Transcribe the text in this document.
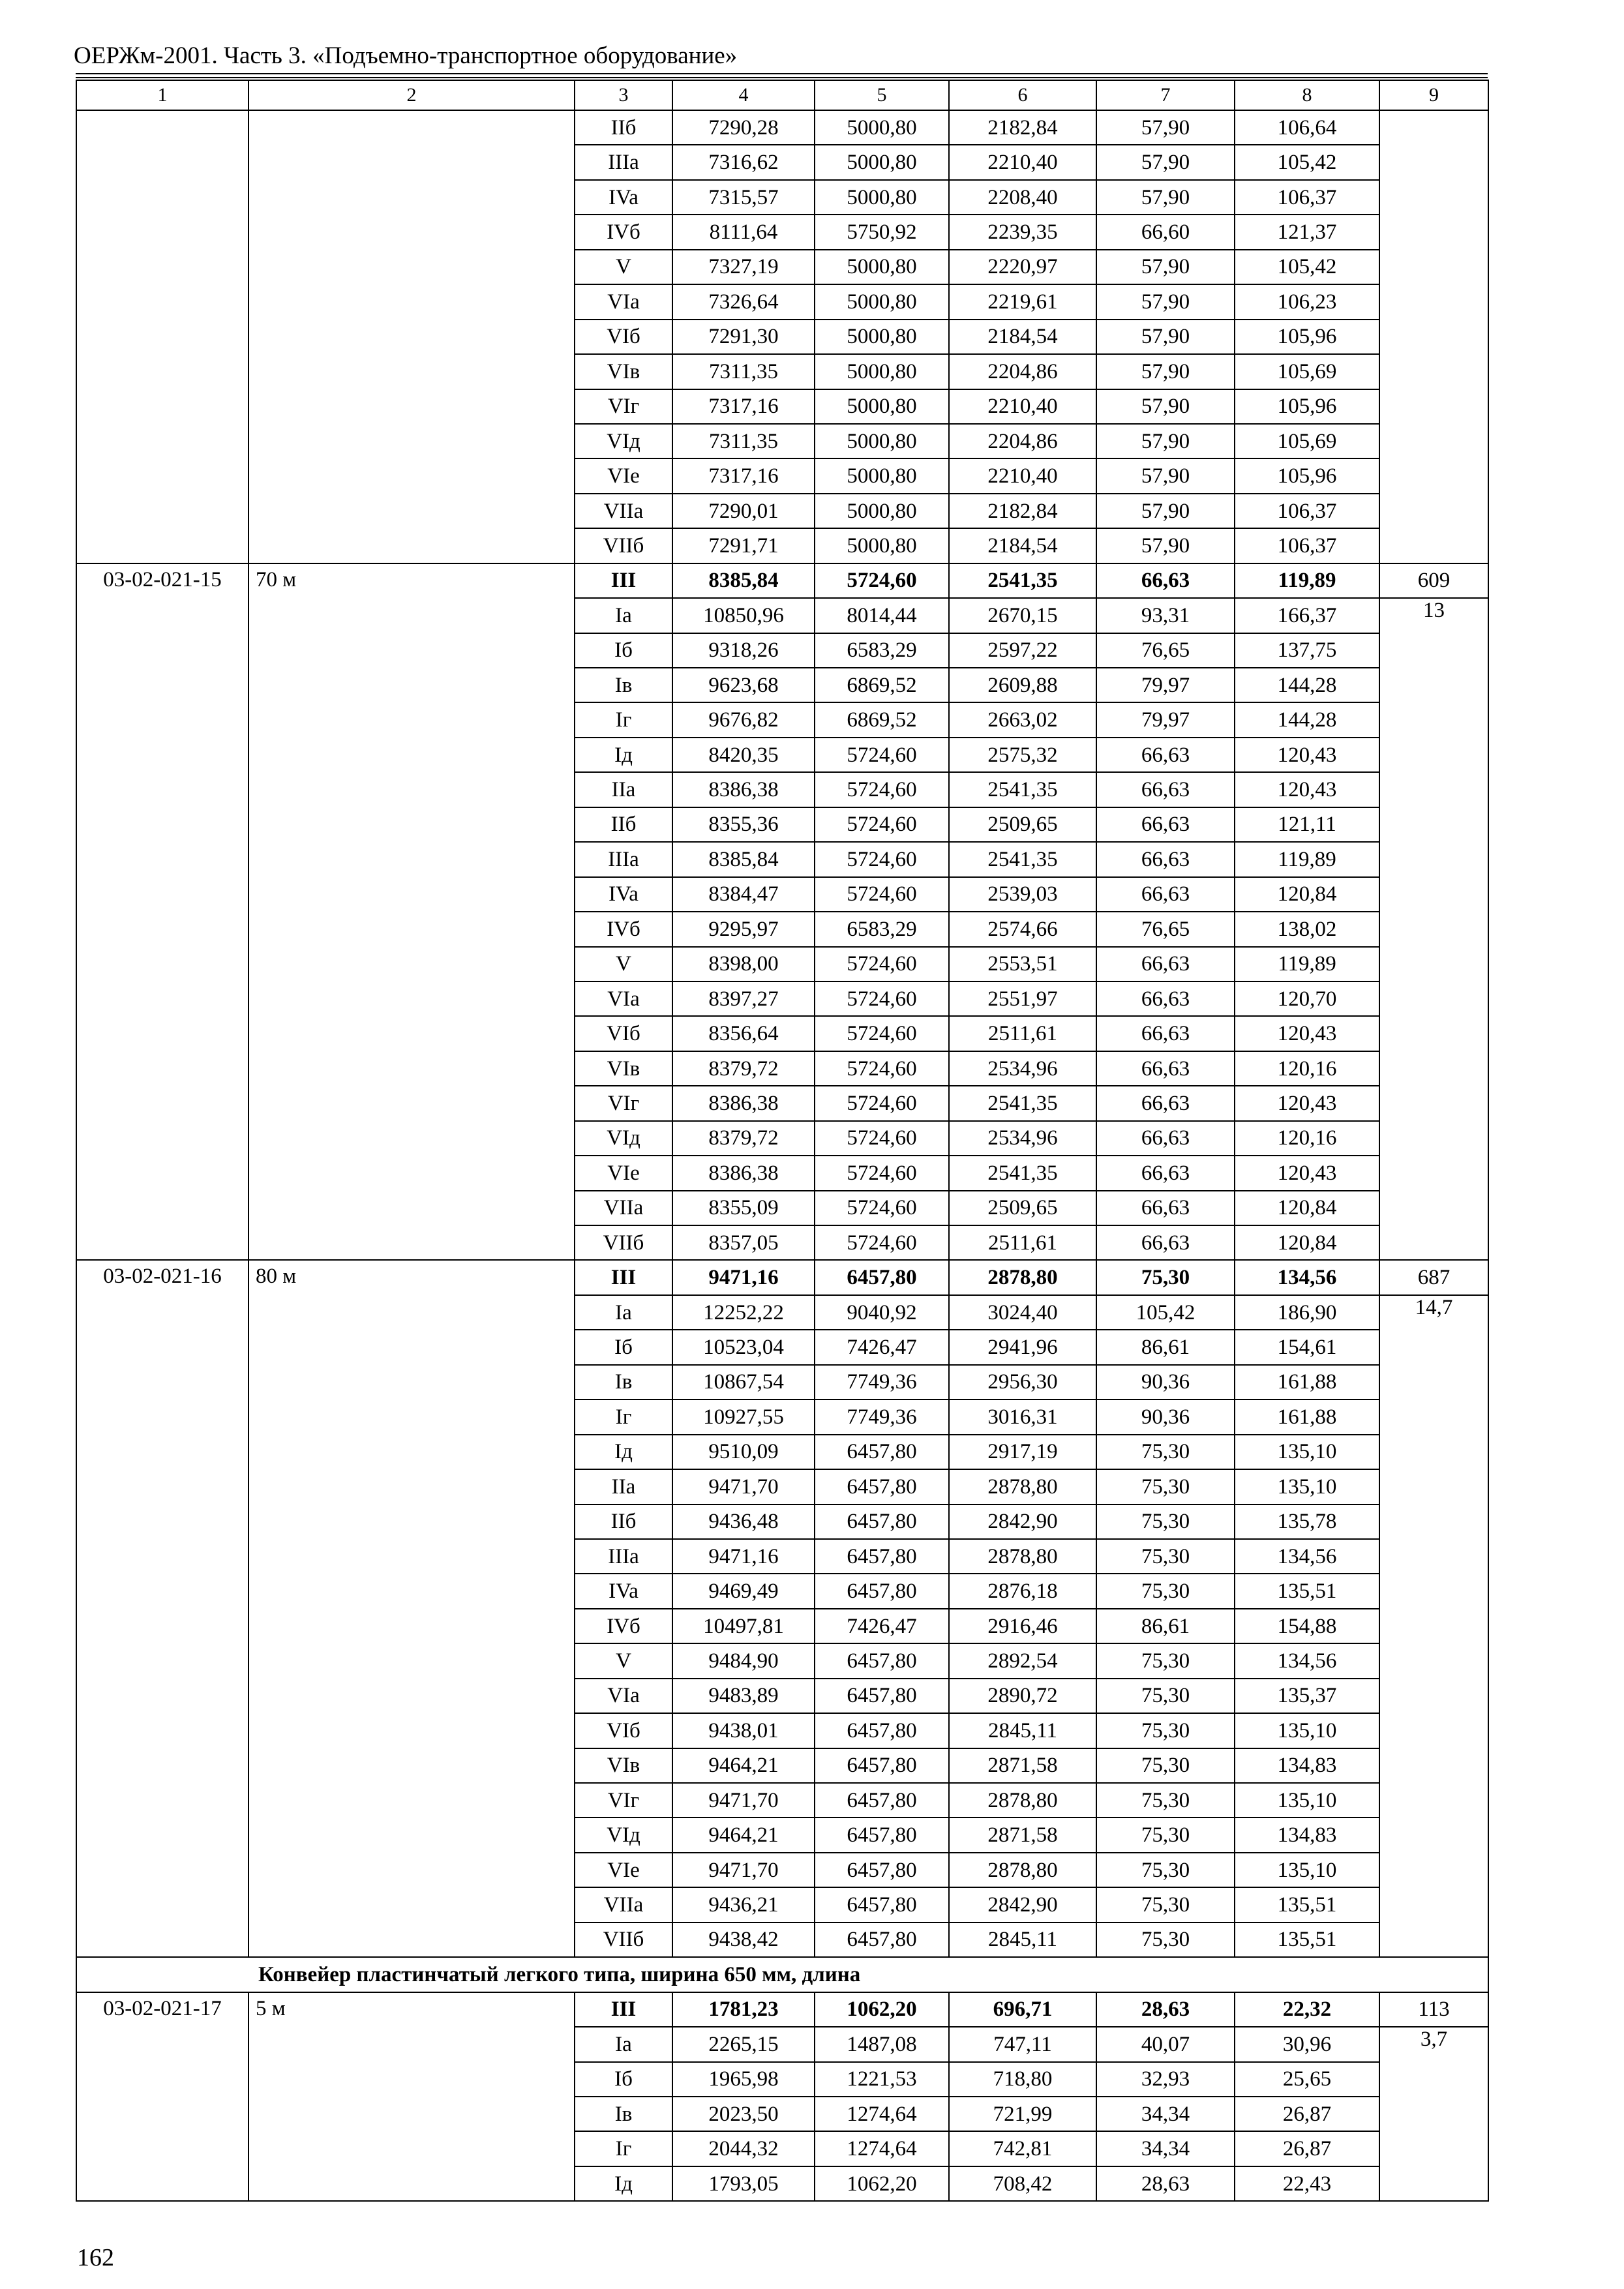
ОЕРЖм-2001. Часть 3. «Подъемно-транспортное оборудование»
1	2	3	4	5	6	7	8	9
		IIб	7290,28	5000,80	2182,84	57,90	106,64	
		IIIa	7316,62	5000,80	2210,40	57,90	105,42	
		IVa	7315,57	5000,80	2208,40	57,90	106,37	
		IVб	8111,64	5750,92	2239,35	66,60	121,37	
		V	7327,19	5000,80	2220,97	57,90	105,42	
		VIa	7326,64	5000,80	2219,61	57,90	106,23	
		VIб	7291,30	5000,80	2184,54	57,90	105,96	
		VIв	7311,35	5000,80	2204,86	57,90	105,69	
		VIг	7317,16	5000,80	2210,40	57,90	105,96	
		VIд	7311,35	5000,80	2204,86	57,90	105,69	
		VIe	7317,16	5000,80	2210,40	57,90	105,96	
		VIIa	7290,01	5000,80	2182,84	57,90	106,37	
		VIIб	7291,71	5000,80	2184,54	57,90	106,37	
03-02-021-15	70 м	III	8385,84	5724,60	2541,35	66,63	119,89	609
		Ia	10850,96	8014,44	2670,15	93,31	166,37	13
		Iб	9318,26	6583,29	2597,22	76,65	137,75	
		Iв	9623,68	6869,52	2609,88	79,97	144,28	
		Iг	9676,82	6869,52	2663,02	79,97	144,28	
		Iд	8420,35	5724,60	2575,32	66,63	120,43	
		IIa	8386,38	5724,60	2541,35	66,63	120,43	
		IIб	8355,36	5724,60	2509,65	66,63	121,11	
		IIIa	8385,84	5724,60	2541,35	66,63	119,89	
		IVa	8384,47	5724,60	2539,03	66,63	120,84	
		IVб	9295,97	6583,29	2574,66	76,65	138,02	
		V	8398,00	5724,60	2553,51	66,63	119,89	
		VIa	8397,27	5724,60	2551,97	66,63	120,70	
		VIб	8356,64	5724,60	2511,61	66,63	120,43	
		VIв	8379,72	5724,60	2534,96	66,63	120,16	
		VIг	8386,38	5724,60	2541,35	66,63	120,43	
		VIд	8379,72	5724,60	2534,96	66,63	120,16	
		VIe	8386,38	5724,60	2541,35	66,63	120,43	
		VIIa	8355,09	5724,60	2509,65	66,63	120,84	
		VIIб	8357,05	5724,60	2511,61	66,63	120,84	
03-02-021-16	80 м	III	9471,16	6457,80	2878,80	75,30	134,56	687
		Ia	12252,22	9040,92	3024,40	105,42	186,90	14,7
		Iб	10523,04	7426,47	2941,96	86,61	154,61	
		Iв	10867,54	7749,36	2956,30	90,36	161,88	
		Iг	10927,55	7749,36	3016,31	90,36	161,88	
		Iд	9510,09	6457,80	2917,19	75,30	135,10	
		IIa	9471,70	6457,80	2878,80	75,30	135,10	
		IIб	9436,48	6457,80	2842,90	75,30	135,78	
		IIIa	9471,16	6457,80	2878,80	75,30	134,56	
		IVa	9469,49	6457,80	2876,18	75,30	135,51	
		IVб	10497,81	7426,47	2916,46	86,61	154,88	
		V	9484,90	6457,80	2892,54	75,30	134,56	
		VIa	9483,89	6457,80	2890,72	75,30	135,37	
		VIб	9438,01	6457,80	2845,11	75,30	135,10	
		VIв	9464,21	6457,80	2871,58	75,30	134,83	
		VIг	9471,70	6457,80	2878,80	75,30	135,10	
		VIд	9464,21	6457,80	2871,58	75,30	134,83	
		VIe	9471,70	6457,80	2878,80	75,30	135,10	
		VIIa	9436,21	6457,80	2842,90	75,30	135,51	
		VIIб	9438,42	6457,80	2845,11	75,30	135,51	
Конвейер пластинчатый легкого типа, ширина 650 мм, длина								
03-02-021-17	5 м	III	1781,23	1062,20	696,71	28,63	22,32	113
		Ia	2265,15	1487,08	747,11	40,07	30,96	3,7
		Iб	1965,98	1221,53	718,80	32,93	25,65	
		Iв	2023,50	1274,64	721,99	34,34	26,87	
		Iг	2044,32	1274,64	742,81	34,34	26,87	
		Iд	1793,05	1062,20	708,42	28,63	22,43	
162
